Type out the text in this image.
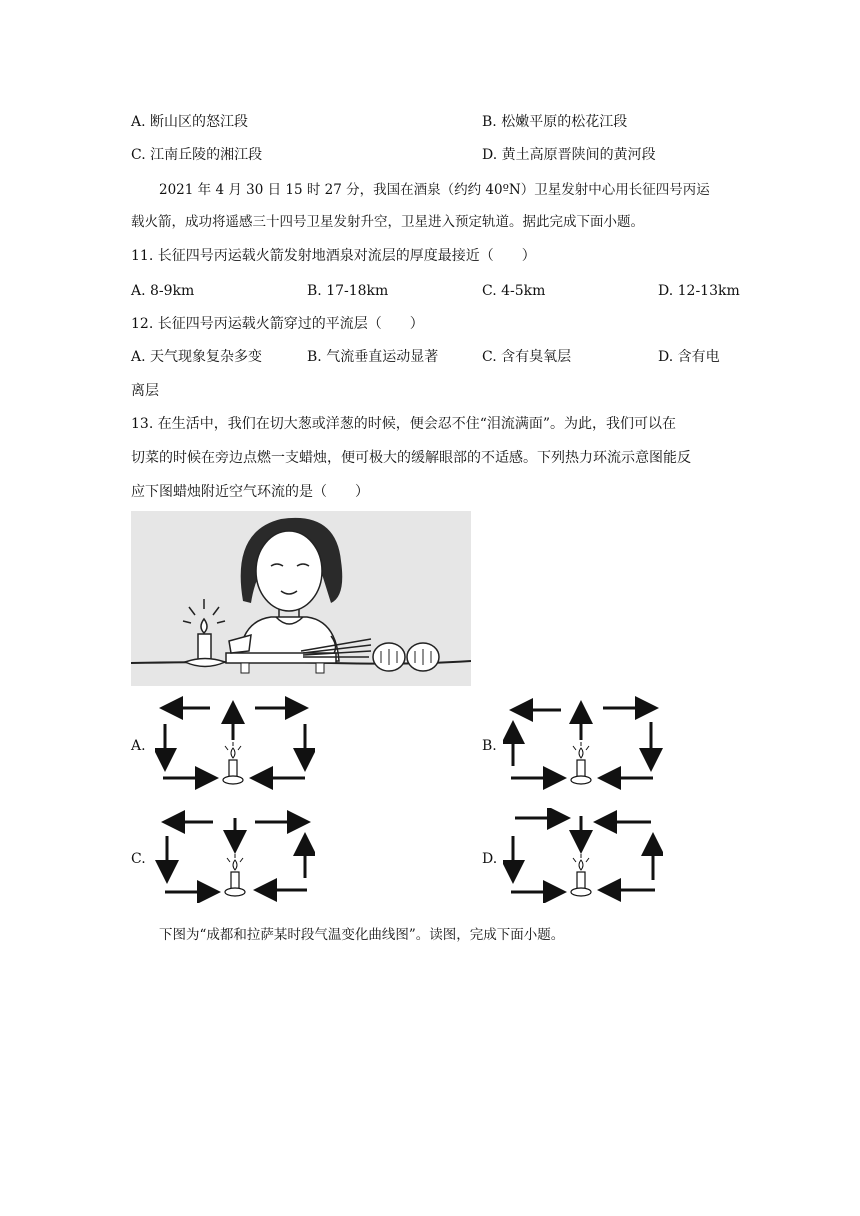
A. 断山区的怒江段	B. 松嫩平原的松花江段
C. 江南丘陵的湘江段	D. 黄土高原晋陕间的黄河段
2021 年 4 月 30 日 15 时 27 分，我国在酒泉（约约 40ºN）卫星发射中心用长征四号丙运
载火箭，成功将遥感三十四号卫星发射升空，卫星进入预定轨道。据此完成下面小题。
11. 长征四号丙运载火箭发射地酒泉对流层的厚度最接近（　　）
A. 8-9km	B. 17-18km	C. 4-5km	D. 12-13km
12. 长征四号丙运载火箭穿过的平流层（　　）
A. 天气现象复杂多变	B. 气流垂直运动显著	C. 含有臭氧层	D. 含有电
离层
13. 在生活中，我们在切大葱或洋葱的时候，便会忍不住“泪流满面”。为此，我们可以在
切菜的时候在旁边点燃一支蜡烛，便可极大的缓解眼部的不适感。下列热力环流示意图能反
应下图蜡烛附近空气环流的是（　　）
A.	B.
C.	D.
下图为“成都和拉萨某时段气温变化曲线图”。读图，完成下面小题。
